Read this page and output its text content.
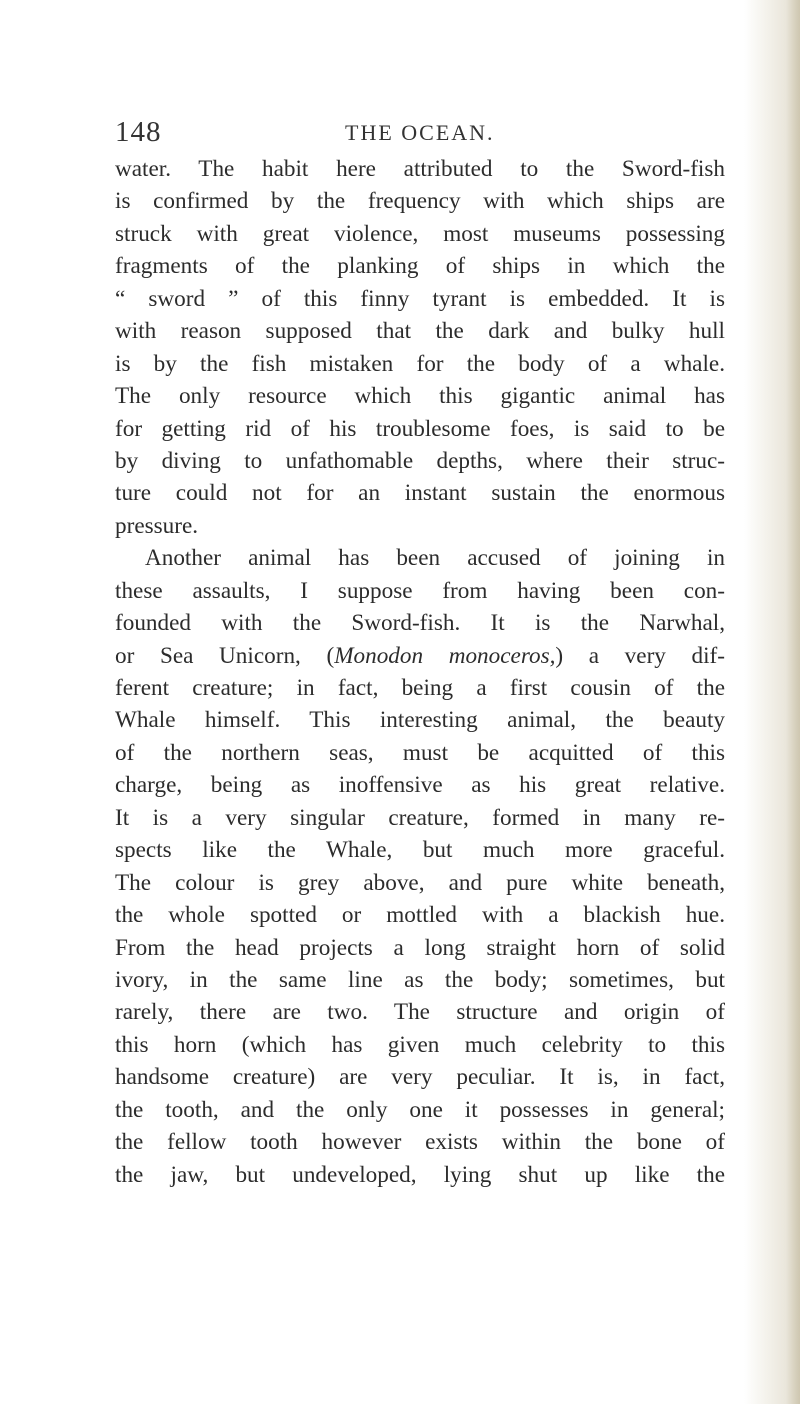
148	THE OCEAN.
water. The habit here attributed to the Sword-fish
is confirmed by the frequency with which ships are
struck with great violence, most museums possessing
fragments of the planking of ships in which the
“ sword ” of this finny tyrant is embedded. It is
with reason supposed that the dark and bulky hull
is by the fish mistaken for the body of a whale.
The only resource which this gigantic animal has
for getting rid of his troublesome foes, is said to be
by diving to unfathomable depths, where their struc-
ture could not for an instant sustain the enormous
pressure.
Another animal has been accused of joining in
these assaults, I suppose from having been con-
founded with the Sword-fish. It is the Narwhal,
or Sea Unicorn, (Monodon monoceros,) a very dif-
ferent creature; in fact, being a first cousin of the
Whale himself. This interesting animal, the beauty
of the northern seas, must be acquitted of this
charge, being as inoffensive as his great relative.
It is a very singular creature, formed in many re-
spects like the Whale, but much more graceful.
The colour is grey above, and pure white beneath,
the whole spotted or mottled with a blackish hue.
From the head projects a long straight horn of solid
ivory, in the same line as the body; sometimes, but
rarely, there are two. The structure and origin of
this horn (which has given much celebrity to this
handsome creature) are very peculiar. It is, in fact,
the tooth, and the only one it possesses in general;
the fellow tooth however exists within the bone of
the jaw, but undeveloped, lying shut up like the
